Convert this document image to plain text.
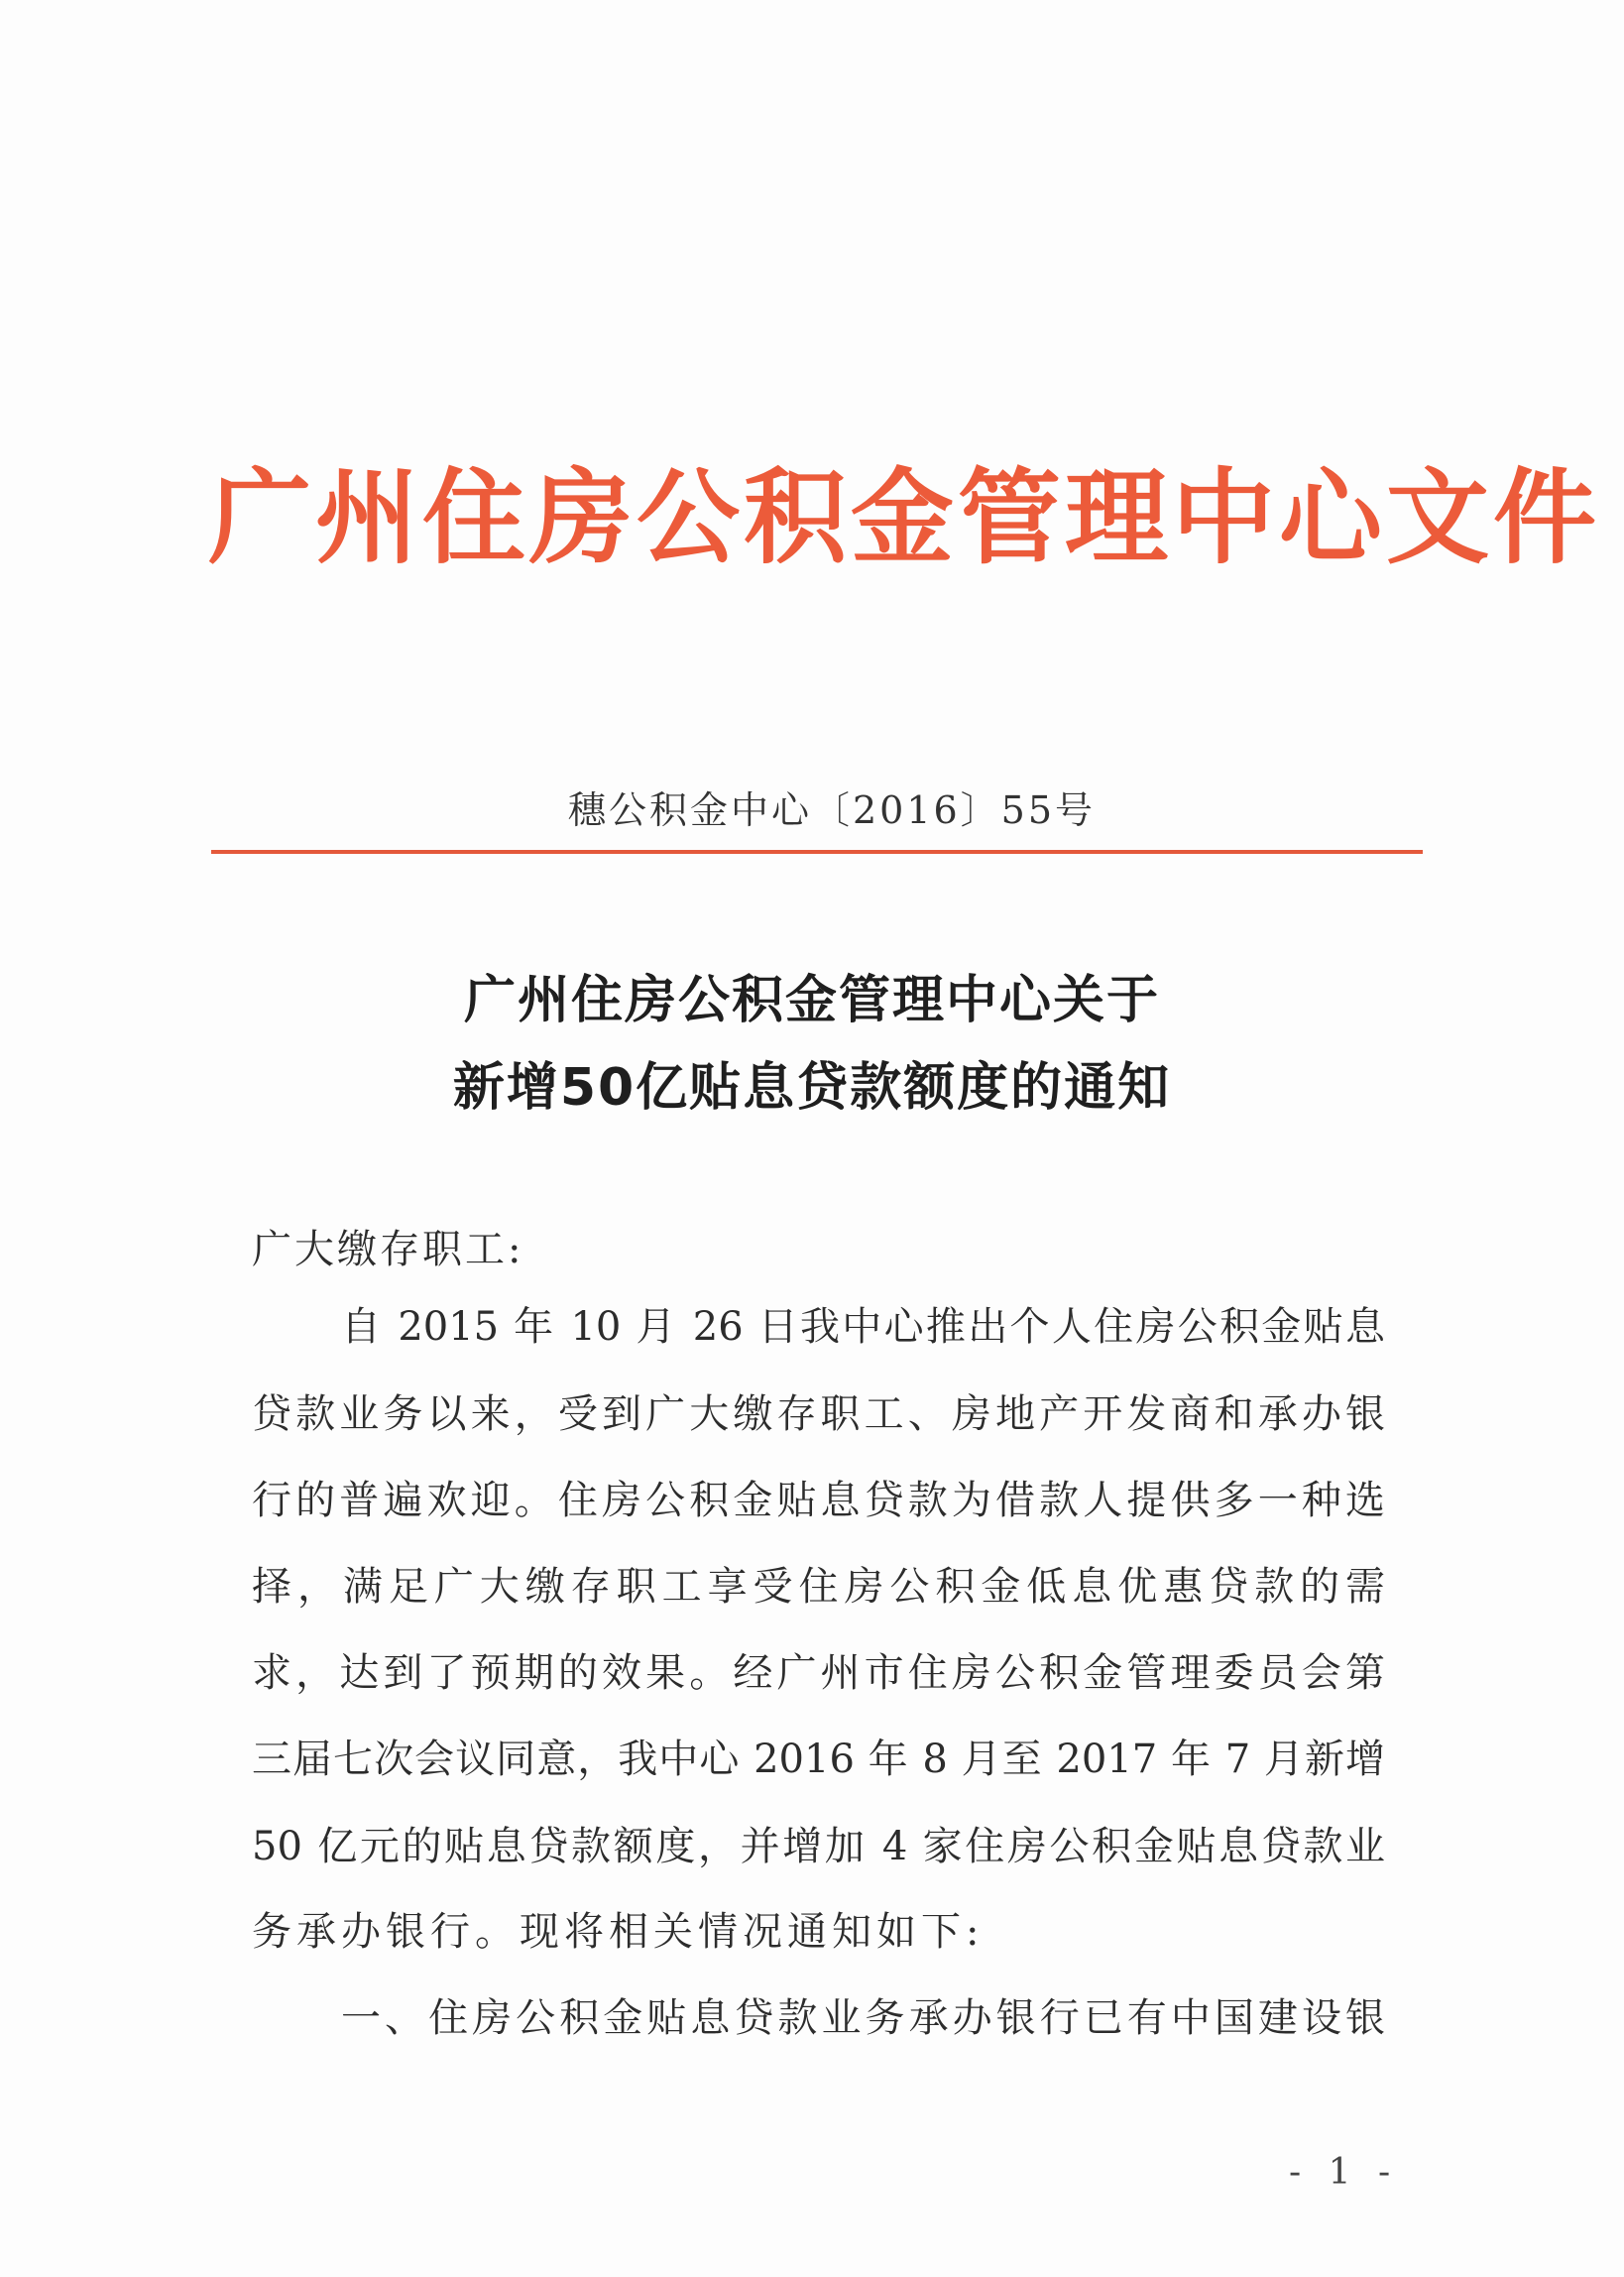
广州住房公积金管理中心文件
穗公积金中心〔2016〕55号
广州住房公积金管理中心关于
新增50亿贴息贷款额度的通知
广大缴存职工:
自 2015 年 10 月 26 日我中心推出个人住房公积金贴息
贷款业务以来，受到广大缴存职工、房地产开发商和承办银
行的普遍欢迎。住房公积金贴息贷款为借款人提供多一种选
择，满足广大缴存职工享受住房公积金低息优惠贷款的需
求，达到了预期的效果。经广州市住房公积金管理委员会第
三届七次会议同意，我中心 2016 年 8 月至 2017 年 7 月新增
50 亿元的贴息贷款额度，并增加 4 家住房公积金贴息贷款业
务承办银行。现将相关情况通知如下:
一、住房公积金贴息贷款业务承办银行已有中国建设银
- 1 -
